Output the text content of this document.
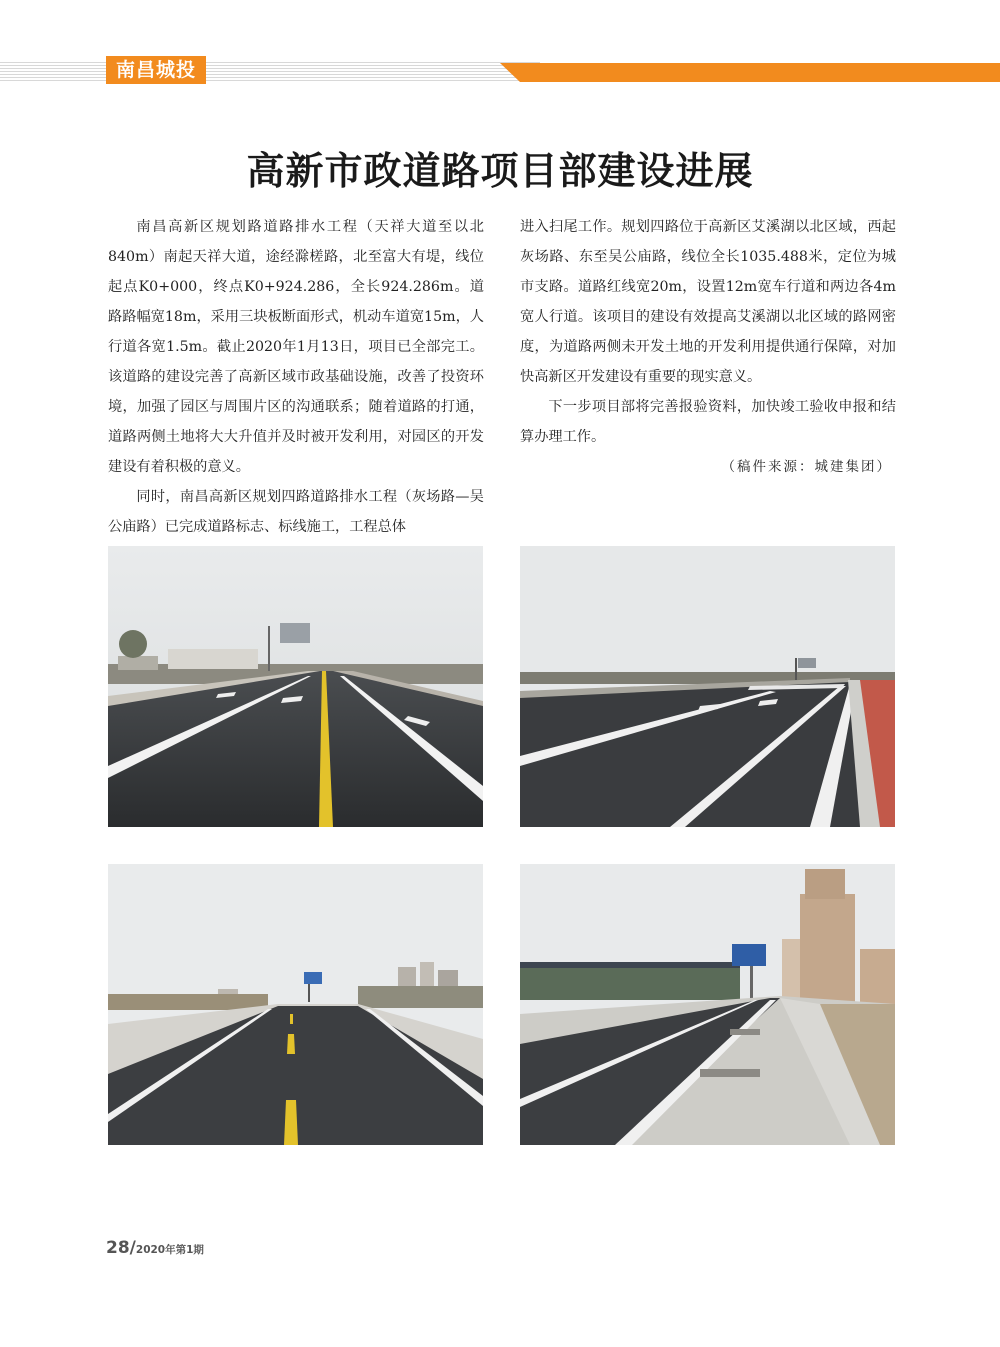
南昌城投
高新市政道路项目部建设进展

南昌高新区规划路道路排水工程（天祥大道至以北840m）南起天祥大道，途经滁槎路，北至富大有堤，线位起点K0+000，终点K0+924.286，全长924.286m。道路路幅宽18m，采用三块板断面形式，机动车道宽15m，人行道各宽1.5m。截止2020年1月13日，项目已全部完工。该道路的建设完善了高新区域市政基础设施，改善了投资环境，加强了园区与周围片区的沟通联系；随着道路的打通，道路两侧土地将大大升值并及时被开发利用，对园区的开发建设有着积极的意义。

同时，南昌高新区规划四路道路排水工程（灰场路—吴公庙路）已完成道路标志、标线施工，工程总体

进入扫尾工作。规划四路位于高新区艾溪湖以北区域，西起灰场路、东至吴公庙路，线位全长1035.488米，定位为城市支路。道路红线宽20m，设置12m宽车行道和两边各4m宽人行道。该项目的建设有效提高艾溪湖以北区域的路网密度，为道路两侧未开发土地的开发利用提供通行保障，对加快高新区开发建设有重要的现实意义。

下一步项目部将完善报验资料，加快竣工验收申报和结算办理工作。

（稿件来源：城建集团）
28/2020年第1期
